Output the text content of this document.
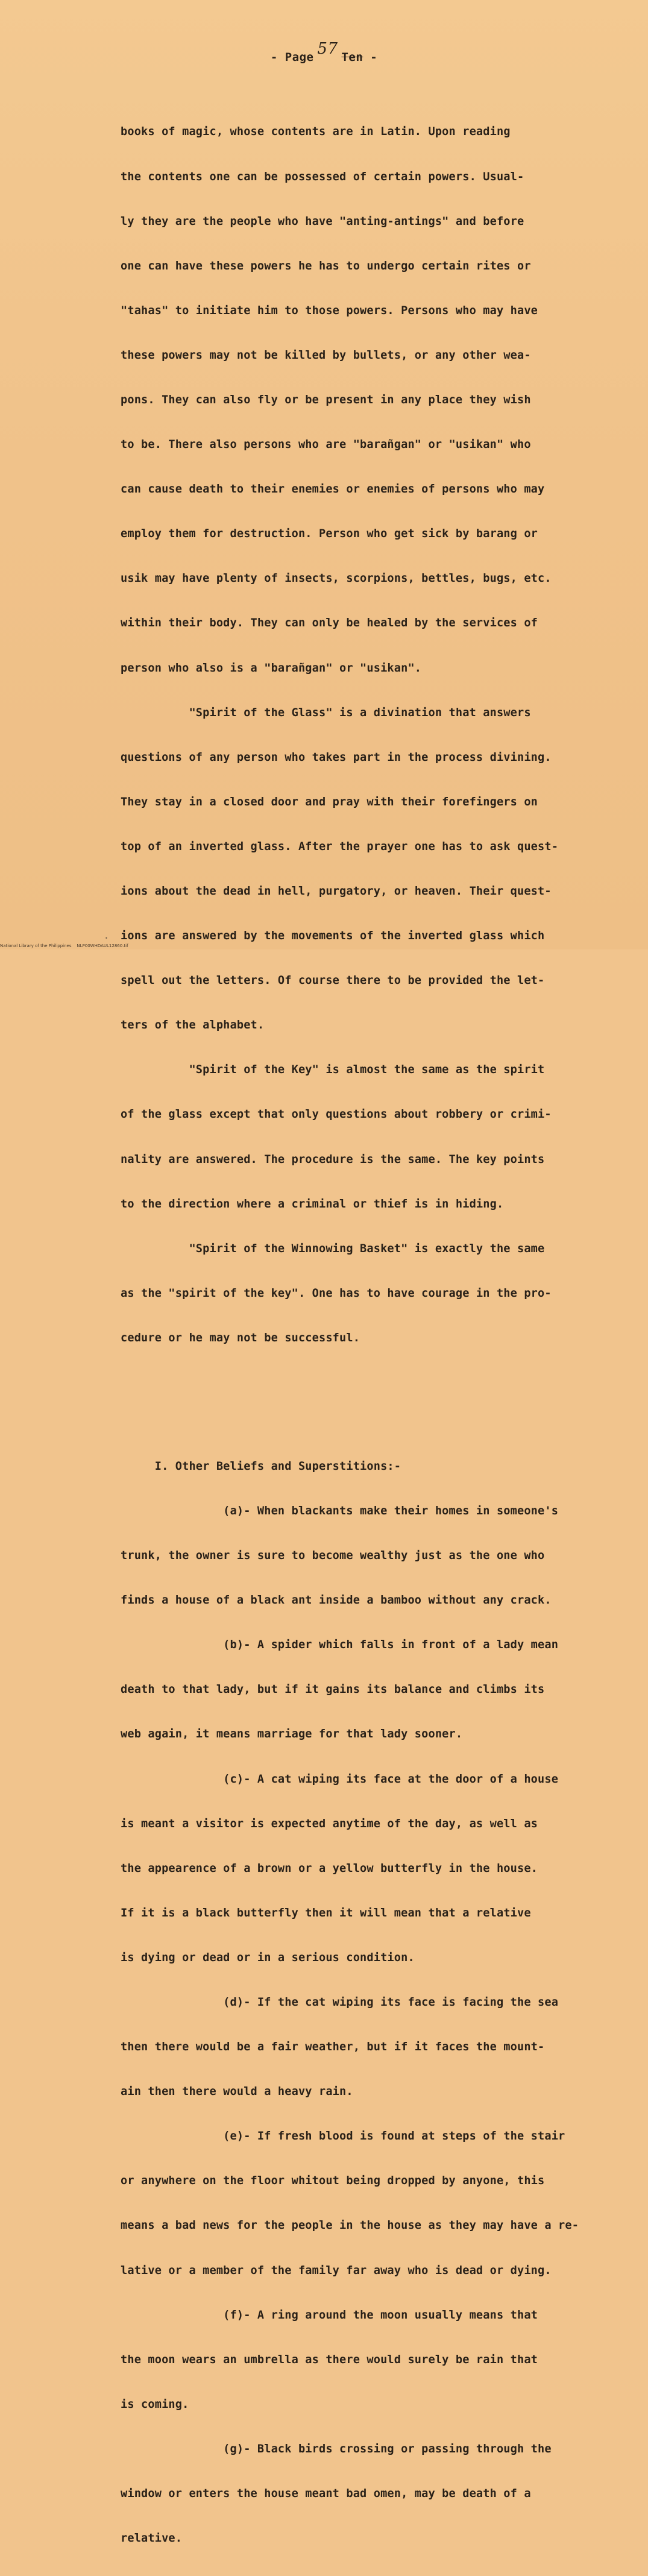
- Page 57 Ten -

books of magic, whose contents are in Latin. Upon reading

the contents one can be possessed of certain powers. Usual-

ly they are the people who have "anting-antings" and before

one can have these powers he has to undergo certain rites or

"tahas" to initiate him to those powers. Persons who may have

these powers may not be killed by bullets, or any other wea-

pons. They can also fly or be present in any place they wish

to be. There also persons who are "barañgan" or "usikan" who

can cause death to their enemies or enemies of persons who may

employ them for destruction. Person who get sick by barang or

usik may have plenty of insects, scorpions, bettles, bugs, etc.

within their body. They can only be healed by the services of

person who also is a "barañgan" or "usikan".

"Spirit of the Glass" is a divination that answers

questions of any person who takes part in the process divining.

They stay in a closed door and pray with their forefingers on

top of an inverted glass. After the prayer one has to ask quest-

ions about the dead in hell, purgatory, or heaven. Their quest-

ions are answered by the movements of the inverted glass which

spell out the letters. Of course there to be provided the let-

ters of the alphabet.

"Spirit of the Key" is almost the same as the spirit

of the glass except that only questions about robbery or crimi-

nality are answered. The procedure is the same. The key points

to the direction where a criminal or thief is in hiding.

"Spirit of the Winnowing Basket" is exactly the same

as the "spirit of the key". One has to have courage in the pro-

cedure or he may not be successful.

I. Other Beliefs and Superstitions:-

(a)- When blackants make their homes in someone's

trunk, the owner is sure to become wealthy just as the one who

finds a house of a black ant inside a bamboo without any crack.

(b)- A spider which falls in front of a lady mean

death to that lady, but if it gains its balance and climbs its

web again, it means marriage for that lady sooner.

(c)- A cat wiping its face at the door of a house

is meant a visitor is expected anytime of the day, as well as

the appearence of a brown or a yellow butterfly in the house.

If it is a black butterfly then it will mean that a relative

is dying or dead or in a serious condition.

(d)- If the cat wiping its face is facing the sea

then there would be a fair weather, but if it faces the mount-

ain then there would a heavy rain.

(e)- If fresh blood is found at steps of the stair

or anywhere on the floor whitout being dropped by anyone, this

means a bad news for the people in the house as they may have a re-

lative or a member of the family far away who is dead or dying.

(f)- A ring around the moon usually means that

the moon wears an umbrella as there would surely be rain that

is coming.

(g)- Black birds crossing or passing through the

window or enters the house meant bad omen, may be death of a

relative.

•
National Library of the Philippines NLP00WHDAUL12860.tif
